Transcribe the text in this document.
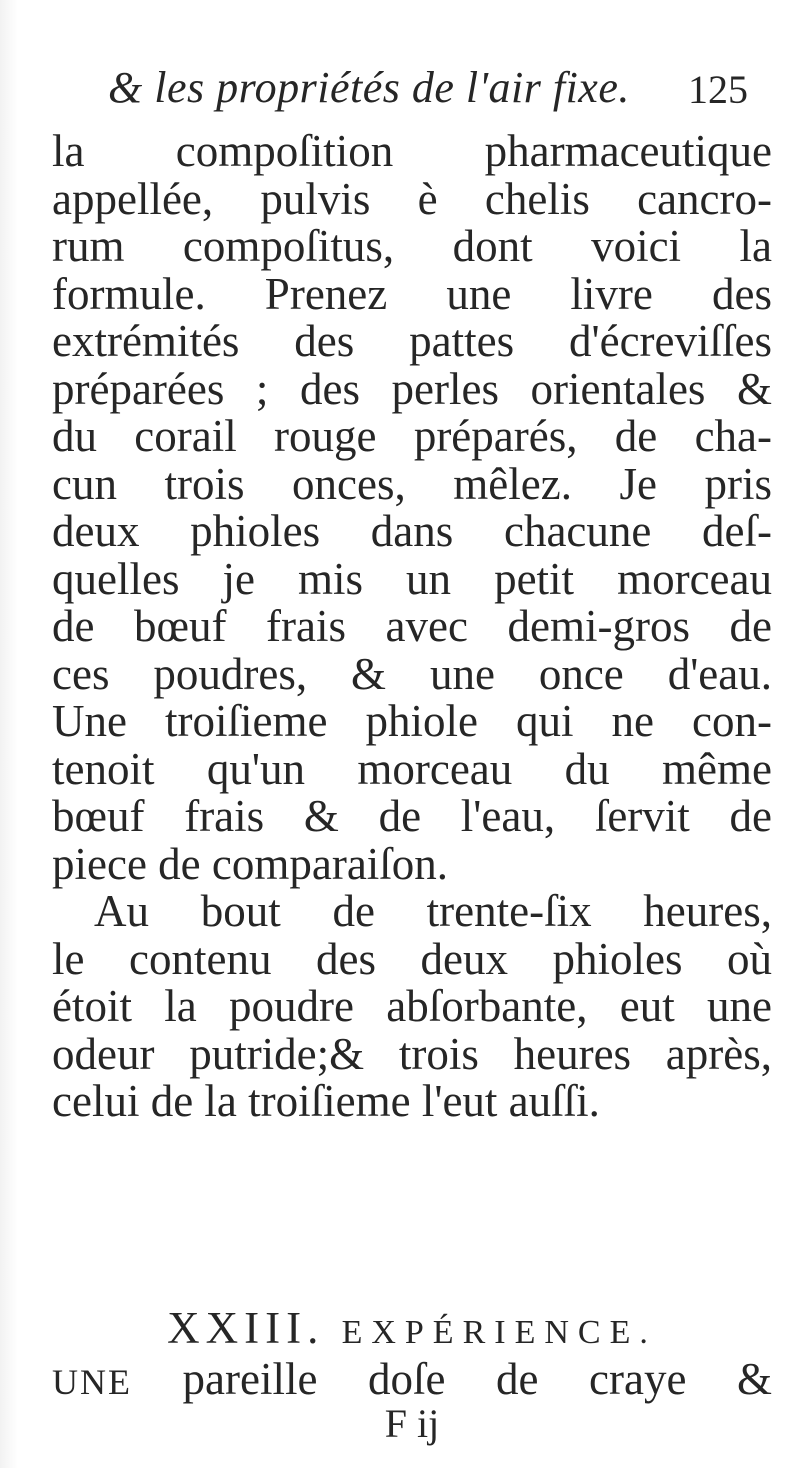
& les propriétés de l'air fixe. 125
la compoſition pharmaceutique
appellée, pulvis è chelis cancro-
rum compoſitus, dont voici la
formule. Prenez une livre des
extrémités des pattes d'écreviſſes
préparées ; des perles orientales &
du corail rouge préparés, de cha-
cun trois onces, mêlez. Je pris
deux phioles dans chacune deſ-
quelles je mis un petit morceau
de bœuf frais avec demi-gros de
ces poudres, & une once d'eau.
Une troiſieme phiole qui ne con-
tenoit qu'un morceau du même
bœuf frais & de l'eau, ſervit de
piece de comparaiſon.
Au bout de trente-ſix heures,
le contenu des deux phioles où
étoit la poudre abſorbante, eut une
odeur putride;& trois heures après,
celui de la troiſieme l'eut auſſi.
XXIII. EXPÉRIENCE.
UNE pareille doſe de craye &
F ij
